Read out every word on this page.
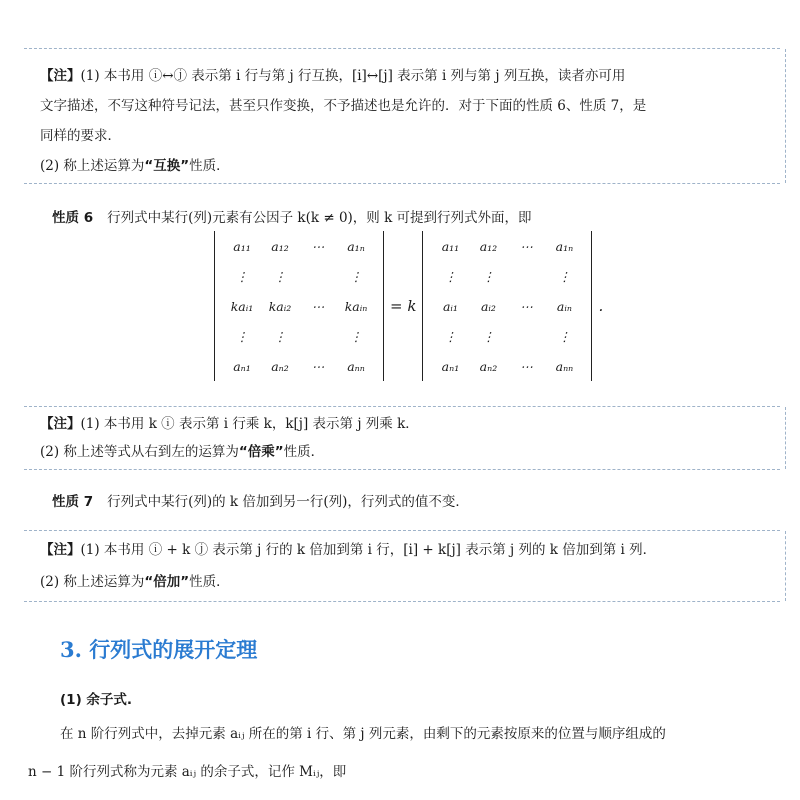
【注】(1) 本书用 ⓘ↔ⓙ 表示第 i 行与第 j 行互换，[i]↔[j] 表示第 i 列与第 j 列互换，读者亦可用
文字描述，不写这种符号记法，甚至只作变换，不予描述也是允许的．对于下面的性质 6、性质 7，是
同样的要求．
(2) 称上述运算为“互换”性质．
性质 6 行列式中某行(列)元素有公因子 k(k ≠ 0)，则 k 可提到行列式外面，即
a₁₁	a₁₂	⋯	a₁ₙ
⋮	⋮		⋮
kaᵢ₁	kaᵢ₂	⋯	kaᵢₙ
⋮	⋮		⋮
aₙ₁	aₙ₂	⋯	aₙₙ
= k
a₁₁	a₁₂	⋯	a₁ₙ
⋮	⋮		⋮
aᵢ₁	aᵢ₂	⋯	aᵢₙ
⋮	⋮		⋮
aₙ₁	aₙ₂	⋯	aₙₙ
.
【注】(1) 本书用 k ⓘ 表示第 i 行乘 k，k[j] 表示第 j 列乘 k．
(2) 称上述等式从右到左的运算为“倍乘”性质．
性质 7 行列式中某行(列)的 k 倍加到另一行(列)，行列式的值不变．
【注】(1) 本书用 ⓘ + k ⓙ 表示第 j 行的 k 倍加到第 i 行，[i] + k[j] 表示第 j 列的 k 倍加到第 i 列．
(2) 称上述运算为“倍加”性质．
3. 行列式的展开定理
(1) 余子式.
在 n 阶行列式中，去掉元素 aᵢⱼ 所在的第 i 行、第 j 列元素，由剩下的元素按原来的位置与顺序组成的
n − 1 阶行列式称为元素 aᵢⱼ 的余子式，记作 Mᵢⱼ，即
